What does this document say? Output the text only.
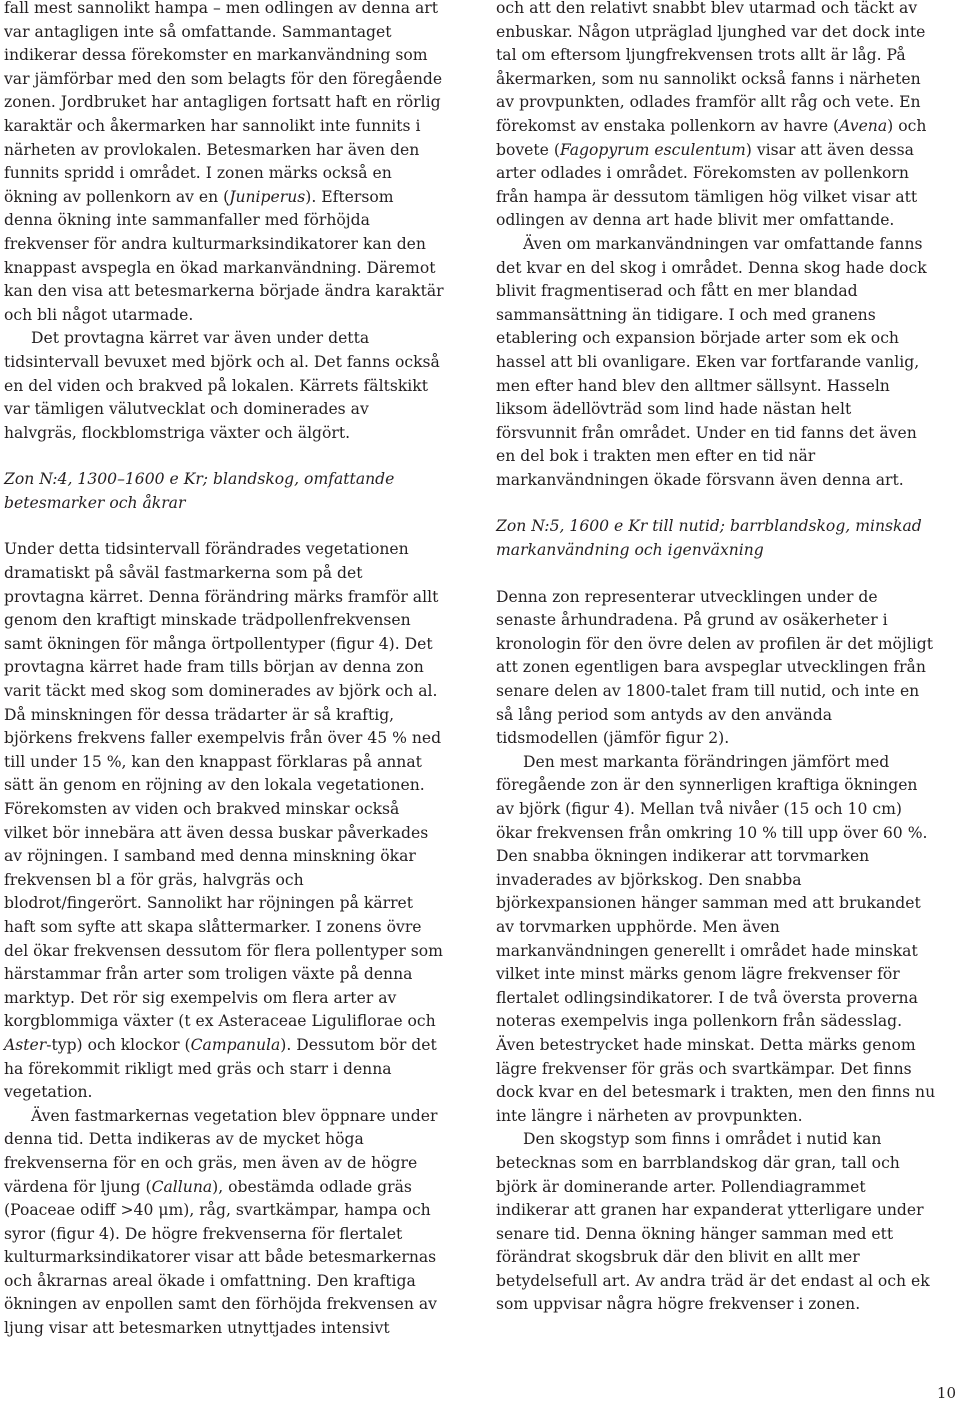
fall mest sannolikt hampa – men odlingen av denna art var antagligen inte så omfattande. Sammantaget indikerar dessa förekomster en markanvändning som var jämförbar med den som belagts för den föregående zonen. Jordbruket har antagligen fortsatt haft en rörlig karaktär och åkermarken har sannolikt inte funnits i närheten av provlokalen. Betesmarken har även den funnits spridd i området. I zonen märks också en ökning av pollenkorn av en (Juniperus). Eftersom denna ökning inte sammanfaller med förhöjda frekvenser för andra kulturmarksindikatorer kan den knappast avspegla en ökad markanvändning. Däremot kan den visa att betesmarkerna började ändra karaktär och bli något utarmade.

Det provtagna kärret var även under detta tidsintervall bevuxet med björk och al. Det fanns också en del viden och brakved på lokalen. Kärrets fältskikt var tämligen välutvecklat och dominerades av halvgräs, flockblomstriga växter och älgört.

Zon N:4, 1300–1600 e Kr; blandskog, omfattande betesmarker och åkrar

Under detta tidsintervall förändrades vegetationen dramatiskt på såväl fastmarkerna som på det provtagna kärret. Denna förändring märks framför allt genom den kraftigt minskade trädpollenfrekvensen samt ökningen för många örtpollentyper (figur 4). Det provtagna kärret hade fram tills början av denna zon varit täckt med skog som dominerades av björk och al. Då minskningen för dessa trädarter är så kraftig, björkens frekvens faller exempelvis från över 45 % ned till under 15 %, kan den knappast förklaras på annat sätt än genom en röjning av den lokala vegetationen. Förekomsten av viden och brakved minskar också vilket bör innebära att även dessa buskar påverkades av röjningen. I samband med denna minskning ökar frekvensen bl a för gräs, halvgräs och blodrot/fingerört. Sannolikt har röjningen på kärret haft som syfte att skapa slåttermarker. I zonens övre del ökar frekvensen dessutom för flera pollentyper som härstammar från arter som troligen växte på denna marktyp. Det rör sig exempelvis om flera arter av korgblommiga växter (t ex Asteraceae Liguliflorae och Aster-typ) och klockor (Campanula). Dessutom bör det ha förekommit rikligt med gräs och starr i denna vegetation.

Även fastmarkernas vegetation blev öppnare under denna tid. Detta indikeras av de mycket höga frekvenserna för en och gräs, men även av de högre värdena för ljung (Calluna), obestämda odlade gräs (Poaceae odiff >40 μm), råg, svartkämpar, hampa och syror (figur 4). De högre frekvenserna för flertalet kulturmarksindikatorer visar att både betesmarkernas och åkrarnas areal ökade i omfattning. Den kraftiga ökningen av enpollen samt den förhöjda frekvensen av ljung visar att betesmarken utnyttjades intensivt

och att den relativt snabbt blev utarmad och täckt av enbuskar. Någon utpräglad ljunghed var det dock inte tal om eftersom ljungfrekvensen trots allt är låg. På åkermarken, som nu sannolikt också fanns i närheten av provpunkten, odlades framför allt råg och vete. En förekomst av enstaka pollenkorn av havre (Avena) och bovete (Fagopyrum esculentum) visar att även dessa arter odlades i området. Förekomsten av pollenkorn från hampa är dessutom tämligen hög vilket visar att odlingen av denna art hade blivit mer omfattande.

Även om markanvändningen var omfattande fanns det kvar en del skog i området. Denna skog hade dock blivit fragmentiserad och fått en mer blandad sammansättning än tidigare. I och med granens etablering och expansion började arter som ek och hassel att bli ovanligare. Eken var fortfarande vanlig, men efter hand blev den alltmer sällsynt. Hasseln liksom ädellövträd som lind hade nästan helt försvunnit från området. Under en tid fanns det även en del bok i trakten men efter en tid när markanvändningen ökade försvann även denna art.

Zon N:5, 1600 e Kr till nutid; barrblandskog, minskad markanvändning och igenväxning

Denna zon representerar utvecklingen under de senaste århundradena. På grund av osäkerheter i kronologin för den övre delen av profilen är det möjligt att zonen egentligen bara avspeglar utvecklingen från senare delen av 1800-talet fram till nutid, och inte en så lång period som antyds av den använda tidsmodellen (jämför figur 2).

Den mest markanta förändringen jämfört med föregående zon är den synnerligen kraftiga ökningen av björk (figur 4). Mellan två nivåer (15 och 10 cm) ökar frekvensen från omkring 10 % till upp över 60 %. Den snabba ökningen indikerar att torvmarken invaderades av björkskog. Den snabba björkexpansionen hänger samman med att brukandet av torvmarken upphörde. Men även markanvändningen generellt i området hade minskat vilket inte minst märks genom lägre frekvenser för flertalet odlingsindikatorer. I de två översta proverna noteras exempelvis inga pollenkorn från sädesslag. Även betestrycket hade minskat. Detta märks genom lägre frekvenser för gräs och svartkämpar. Det finns dock kvar en del betesmark i trakten, men den finns nu inte längre i närheten av provpunkten.

Den skogstyp som finns i området i nutid kan betecknas som en barrblandskog där gran, tall och björk är dominerande arter. Pollendiagrammet indikerar att granen har expanderat ytterligare under senare tid. Denna ökning hänger samman med ett förändrat skogsbruk där den blivit en allt mer betydelsefull art. Av andra träd är det endast al och ek som uppvisar några högre frekvenser i zonen.

10
